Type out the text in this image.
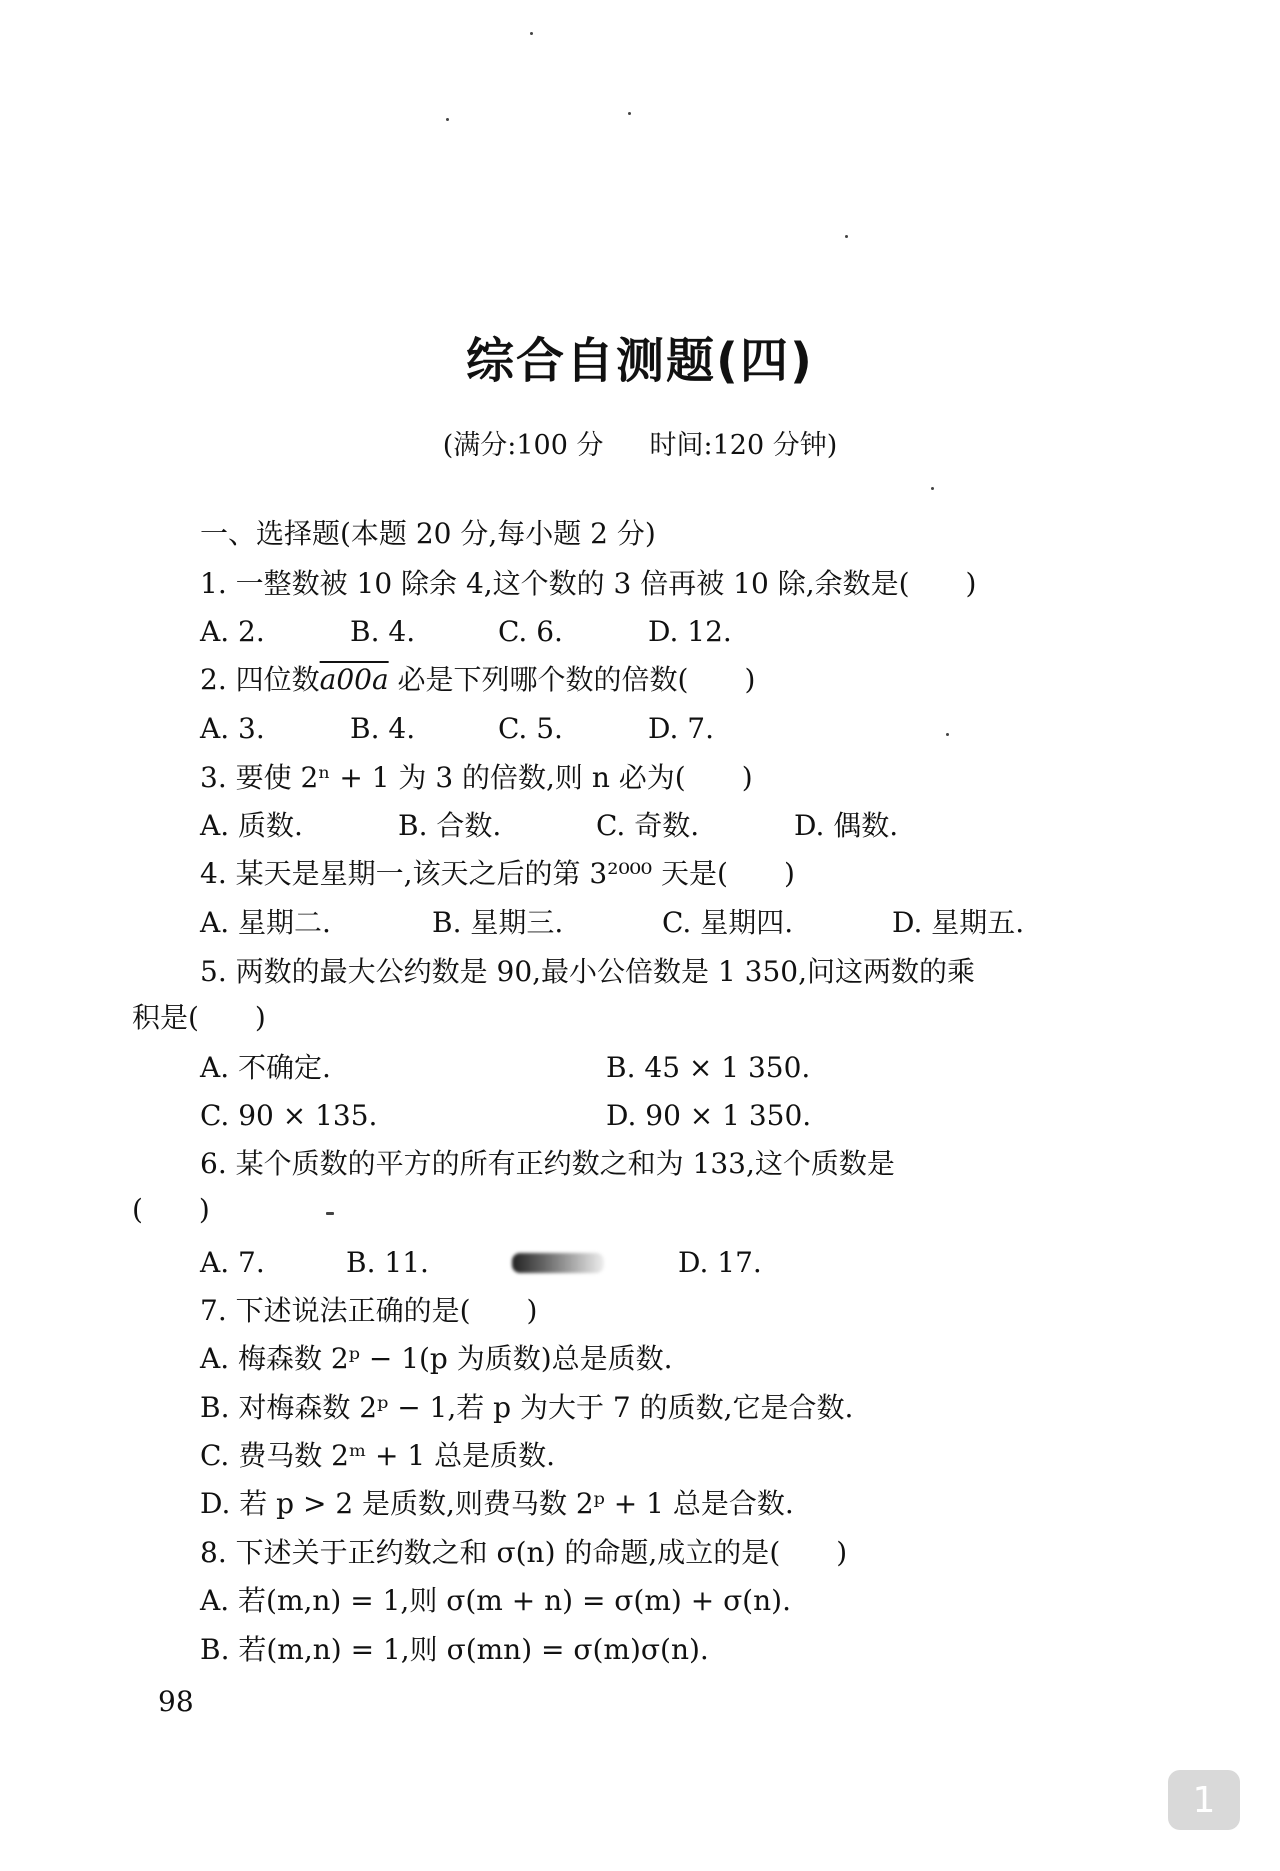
综合自测题(四)
(满分:100 分 时间:120 分钟)
一、选择题(本题 20 分,每小题 2 分)
1. 一整数被 10 除余 4,这个数的 3 倍再被 10 除,余数是(　　)
A. 2.	B. 4.	C. 6.	D. 12.
2. 四位数a00a 必是下列哪个数的倍数(　　)
A. 3.	B. 4.	C. 5.	D. 7.
3. 要使 2ⁿ + 1 为 3 的倍数,则 n 必为(　　)
A. 质数.	B. 合数.	C. 奇数.	D. 偶数.
4. 某天是星期一,该天之后的第 3²⁰⁰⁰ 天是(　　)
A. 星期二.	B. 星期三.	C. 星期四.	D. 星期五.
5. 两数的最大公约数是 90,最小公倍数是 1 350,问这两数的乘
积是(　　)
A. 不确定.	B. 45 × 1 350.
C. 90 × 135.	D. 90 × 1 350.
6. 某个质数的平方的所有正约数之和为 133,这个质数是
(　　)
A. 7.	B. 11.	D. 17.
7. 下述说法正确的是(　　)
A. 梅森数 2ᵖ − 1(p 为质数)总是质数.
B. 对梅森数 2ᵖ − 1,若 p 为大于 7 的质数,它是合数.
C. 费马数 2ᵐ + 1 总是质数.
D. 若 p > 2 是质数,则费马数 2ᵖ + 1 总是合数.
8. 下述关于正约数之和 σ(n) 的命题,成立的是(　　)
A. 若(m,n) = 1,则 σ(m + n) = σ(m) + σ(n).
B. 若(m,n) = 1,则 σ(mn) = σ(m)σ(n).
98
1
